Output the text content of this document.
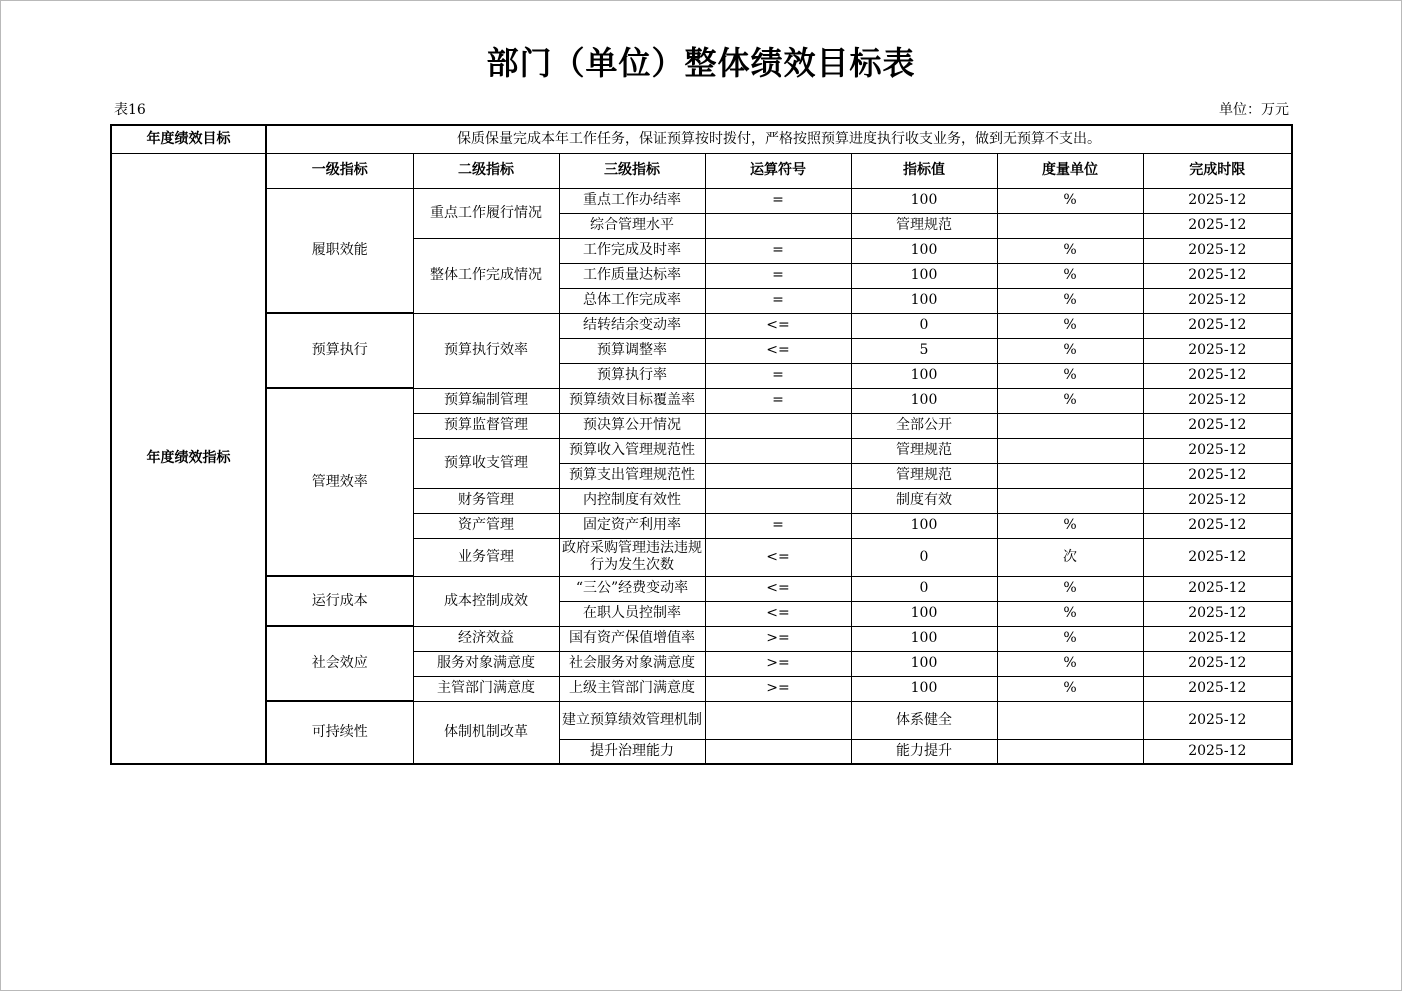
部门（单位）整体绩效目标表
表16	单位：万元
年度绩效目标	保质保量完成本年工作任务，保证预算按时拨付，严格按照预算进度执行收支业务，做到无预算不支出。						
年度绩效指标	一级指标	二级指标	三级指标	运算符号	指标值	度量单位	完成时限
	履职效能	重点工作履行情况	重点工作办结率	=	100	%	2025-12
			综合管理水平		管理规范		2025-12
		整体工作完成情况	工作完成及时率	=	100	%	2025-12
			工作质量达标率	=	100	%	2025-12
			总体工作完成率	=	100	%	2025-12
	预算执行	预算执行效率	结转结余变动率	<=	0	%	2025-12
			预算调整率	<=	5	%	2025-12
			预算执行率	=	100	%	2025-12
	管理效率	预算编制管理	预算绩效目标覆盖率	=	100	%	2025-12
		预算监督管理	预决算公开情况		全部公开		2025-12
		预算收支管理	预算收入管理规范性		管理规范		2025-12
			预算支出管理规范性		管理规范		2025-12
		财务管理	内控制度有效性		制度有效		2025-12
		资产管理	固定资产利用率	=	100	%	2025-12
		业务管理	政府采购管理违法违规行为发生次数	<=	0	次	2025-12
	运行成本	成本控制成效	“三公”经费变动率	<=	0	%	2025-12
			在职人员控制率	<=	100	%	2025-12
	社会效应	经济效益	国有资产保值增值率	>=	100	%	2025-12
		服务对象满意度	社会服务对象满意度	>=	100	%	2025-12
		主管部门满意度	上级主管部门满意度	>=	100	%	2025-12
	可持续性	体制机制改革	建立预算绩效管理机制		体系健全		2025-12
			提升治理能力		能力提升		2025-12
